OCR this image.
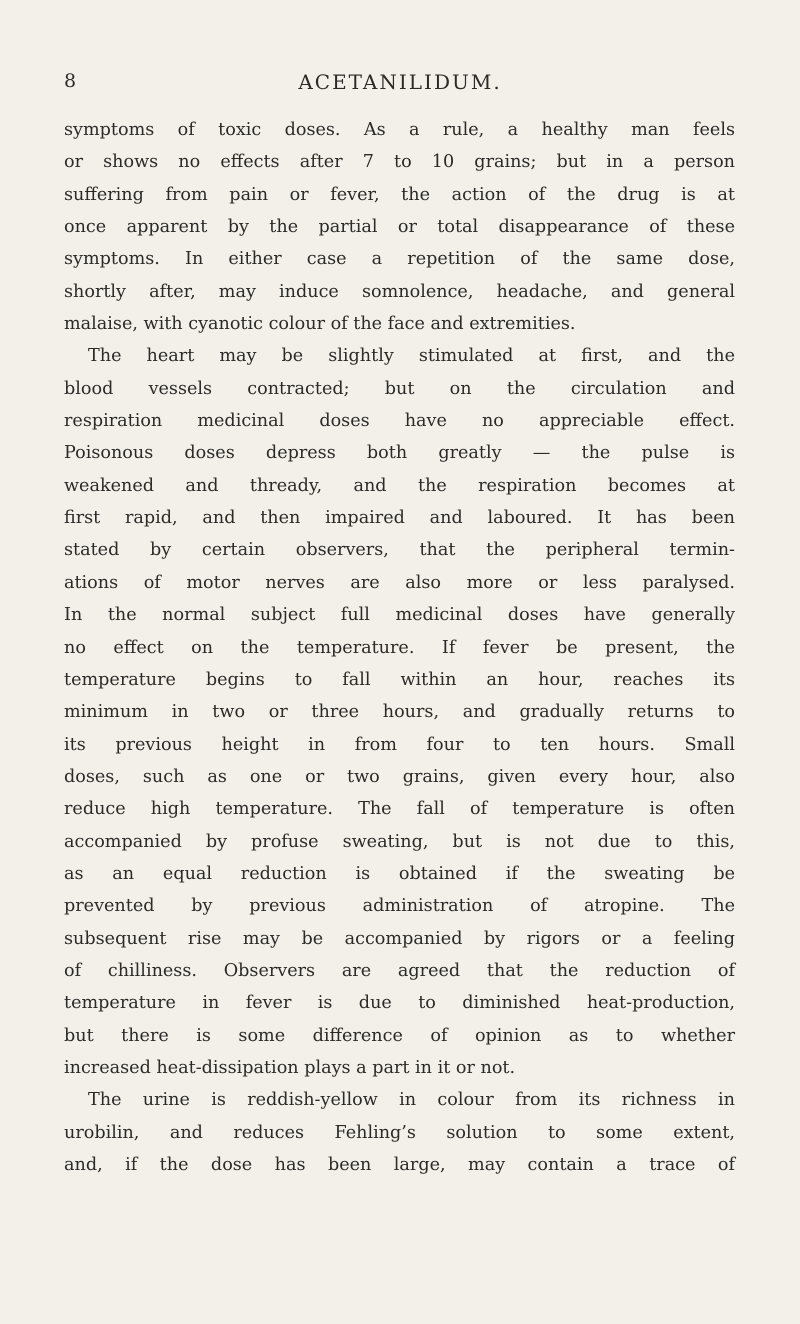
8	ACETANILIDUM.

symptoms of toxic doses. As a rule, a healthy man feels
or shows no effects after 7 to 10 grains; but in a person
suffering from pain or fever, the action of the drug is at
once apparent by the partial or total disappearance of these
symptoms. In either case a repetition of the same dose,
shortly after, may induce somnolence, headache, and general
malaise, with cyanotic colour of the face and extremities.

The heart may be slightly stimulated at first, and the
blood vessels contracted; but on the circulation and
respiration medicinal doses have no appreciable effect.
Poisonous doses depress both greatly — the pulse is
weakened and thready, and the respiration becomes at
first rapid, and then impaired and laboured. It has been
stated by certain observers, that the peripheral termin-
ations of motor nerves are also more or less paralysed.
In the normal subject full medicinal doses have generally
no effect on the temperature. If fever be present, the
temperature begins to fall within an hour, reaches its
minimum in two or three hours, and gradually returns to
its previous height in from four to ten hours. Small
doses, such as one or two grains, given every hour, also
reduce high temperature. The fall of temperature is often
accompanied by profuse sweating, but is not due to this,
as an equal reduction is obtained if the sweating be
prevented by previous administration of atropine. The
subsequent rise may be accompanied by rigors or a feeling
of chilliness. Observers are agreed that the reduction of
temperature in fever is due to diminished heat-production,
but there is some difference of opinion as to whether
increased heat-dissipation plays a part in it or not.

The urine is reddish-yellow in colour from its richness in
urobilin, and reduces Fehling’s solution to some extent,
and, if the dose has been large, may contain a trace of
